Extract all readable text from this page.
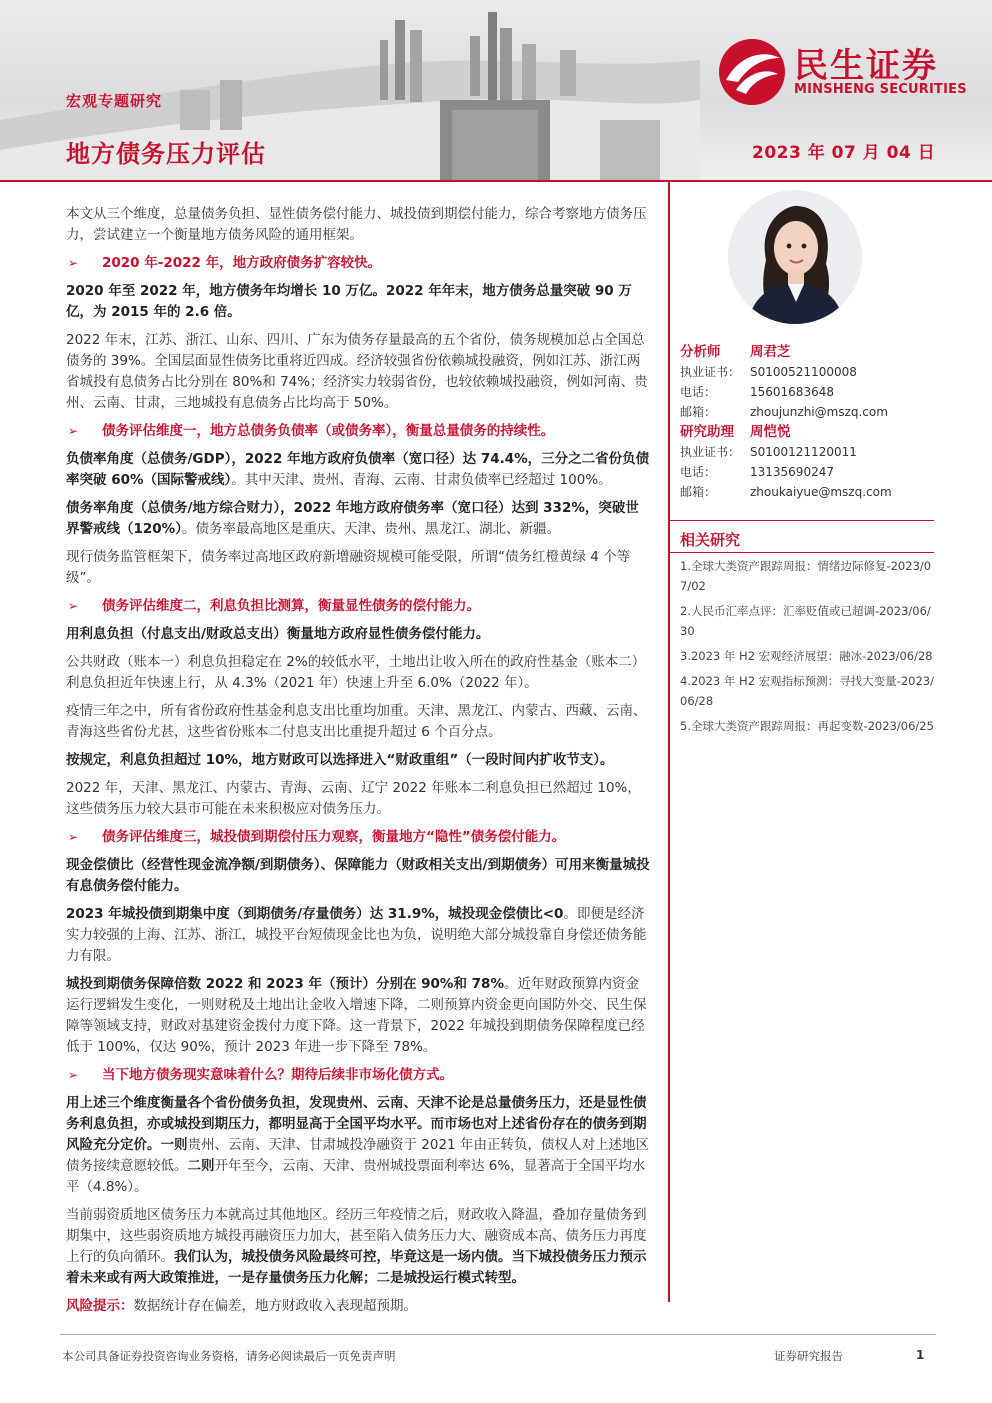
民生证券
MINSHENG SECURITIES
宏观专题研究
地方债务压力评估	2023 年 07 月 04 日

本文从三个维度，总量债务负担、显性债务偿付能力、城投债到期偿付能力，综合考察地方债务压力，尝试建立一个衡量地方债务风险的通用框架。

➢	2020 年-2022 年，地方政府债务扩容较快。

2020 年至 2022 年，地方债务年均增长 10 万亿。2022 年年末，地方债务总量突破 90 万亿，为 2015 年的 2.6 倍。

2022 年末，江苏、浙江、山东、四川、广东为债务存量最高的五个省份，债务规模加总占全国总债务的 39%。全国层面显性债务比重将近四成。经济较强省份依赖城投融资，例如江苏、浙江两省城投有息债务占比分别在 80%和 74%；经济实力较弱省份，也较依赖城投融资，例如河南、贵州、云南、甘肃，三地城投有息债务占比均高于 50%。

➢	债务评估维度一，地方总债务负债率（或债务率），衡量总量债务的持续性。

负债率角度（总债务/GDP），2022 年地方政府负债率（宽口径）达 74.4%，三分之二省份负债率突破 60%（国际警戒线）。其中天津、贵州、青海、云南、甘肃负债率已经超过 100%。

债务率角度（总债务/地方综合财力），2022 年地方政府债务率（宽口径）达到 332%，突破世界警戒线（120%）。债务率最高地区是重庆、天津、贵州、黑龙江、湖北、新疆。

现行债务监管框架下，债务率过高地区政府新增融资规模可能受限，所谓“债务红橙黄绿 4 个等级”。

➢	债务评估维度二，利息负担比测算，衡量显性债务的偿付能力。

用利息负担（付息支出/财政总支出）衡量地方政府显性债务偿付能力。

公共财政（账本一）利息负担稳定在 2%的较低水平，土地出让收入所在的政府性基金（账本二）利息负担近年快速上行，从 4.3%（2021 年）快速上升至 6.0%（2022 年）。

疫情三年之中，所有省份政府性基金利息支出比重均加重。天津、黑龙江、内蒙古、西藏、云南、青海这些省份尤甚，这些省份账本二付息支出比重提升超过 6 个百分点。

按规定，利息负担超过 10%，地方财政可以选择进入“财政重组”（一段时间内扩收节支）。

2022 年，天津、黑龙江、内蒙古、青海、云南、辽宁 2022 年账本二利息负担已然超过 10%，这些债务压力较大县市可能在未来积极应对债务压力。

➢	债务评估维度三，城投债到期偿付压力观察，衡量地方“隐性”债务偿付能力。

现金偿债比（经营性现金流净额/到期债务）、保障能力（财政相关支出/到期债务）可用来衡量城投有息债务偿付能力。

2023 年城投债到期集中度（到期债务/存量债务）达 31.9%，城投现金偿债比<0。即便是经济实力较强的上海、江苏、浙江，城投平台短债现金比也为负，说明绝大部分城投靠自身偿还债务能力有限。

城投到期债务保障倍数 2022 和 2023 年（预计）分别在 90%和 78%。近年财政预算内资金运行逻辑发生变化，一则财税及土地出让金收入增速下降，二则预算内资金更向国防外交、民生保障等领域支持，财政对基建资金拨付力度下降。这一背景下，2022 年城投到期债务保障程度已经低于 100%，仅达 90%，预计 2023 年进一步下降至 78%。

➢	当下地方债务现实意味着什么？期待后续非市场化债方式。

用上述三个维度衡量各个省份债务负担，发现贵州、云南、天津不论是总量债务压力，还是显性债务利息负担，亦或城投到期压力，都明显高于全国平均水平。而市场也对上述省份存在的债务到期风险充分定价。一则贵州、云南、天津、甘肃城投净融资于 2021 年由正转负，债权人对上述地区债务接续意愿较低。二则开年至今，云南、天津、贵州城投票面利率达 6%，显著高于全国平均水平（4.8%）。

当前弱资质地区债务压力本就高过其他地区。经历三年疫情之后，财政收入降温，叠加存量债务到期集中，这些弱资质地方城投再融资压力加大，甚至陷入债务压力大、融资成本高、债务压力再度上行的负向循环。我们认为，城投债务风险最终可控，毕竟这是一场内债。当下城投债务压力预示着未来或有两大政策推进，一是存量债务压力化解；二是城投运行模式转型。

风险提示：数据统计存在偏差，地方财政收入表现超预期。

分析师	周君芝
执业证书： S0100521100008
电话：	15601683648
邮箱：	zhoujunzhi@mszq.com
研究助理	周恺悦
执业证书： S0100121120011
电话：	13135690247
邮箱：	zhoukaiyue@mszq.com
相关研究
1.全球大类资产跟踪周报：情绪边际修复-2023/07/02
2.人民币汇率点评：汇率贬值或已超调-2023/06/30
3.2023 年 H2 宏观经济展望：融冰-2023/06/28
4.2023 年 H2 宏观指标预测：寻找大变量-2023/06/28
5.全球大类资产跟踪周报：再起变数-2023/06/25
本公司具备证券投资咨询业务资格，请务必阅读最后一页免责声明	证券研究报告	1
